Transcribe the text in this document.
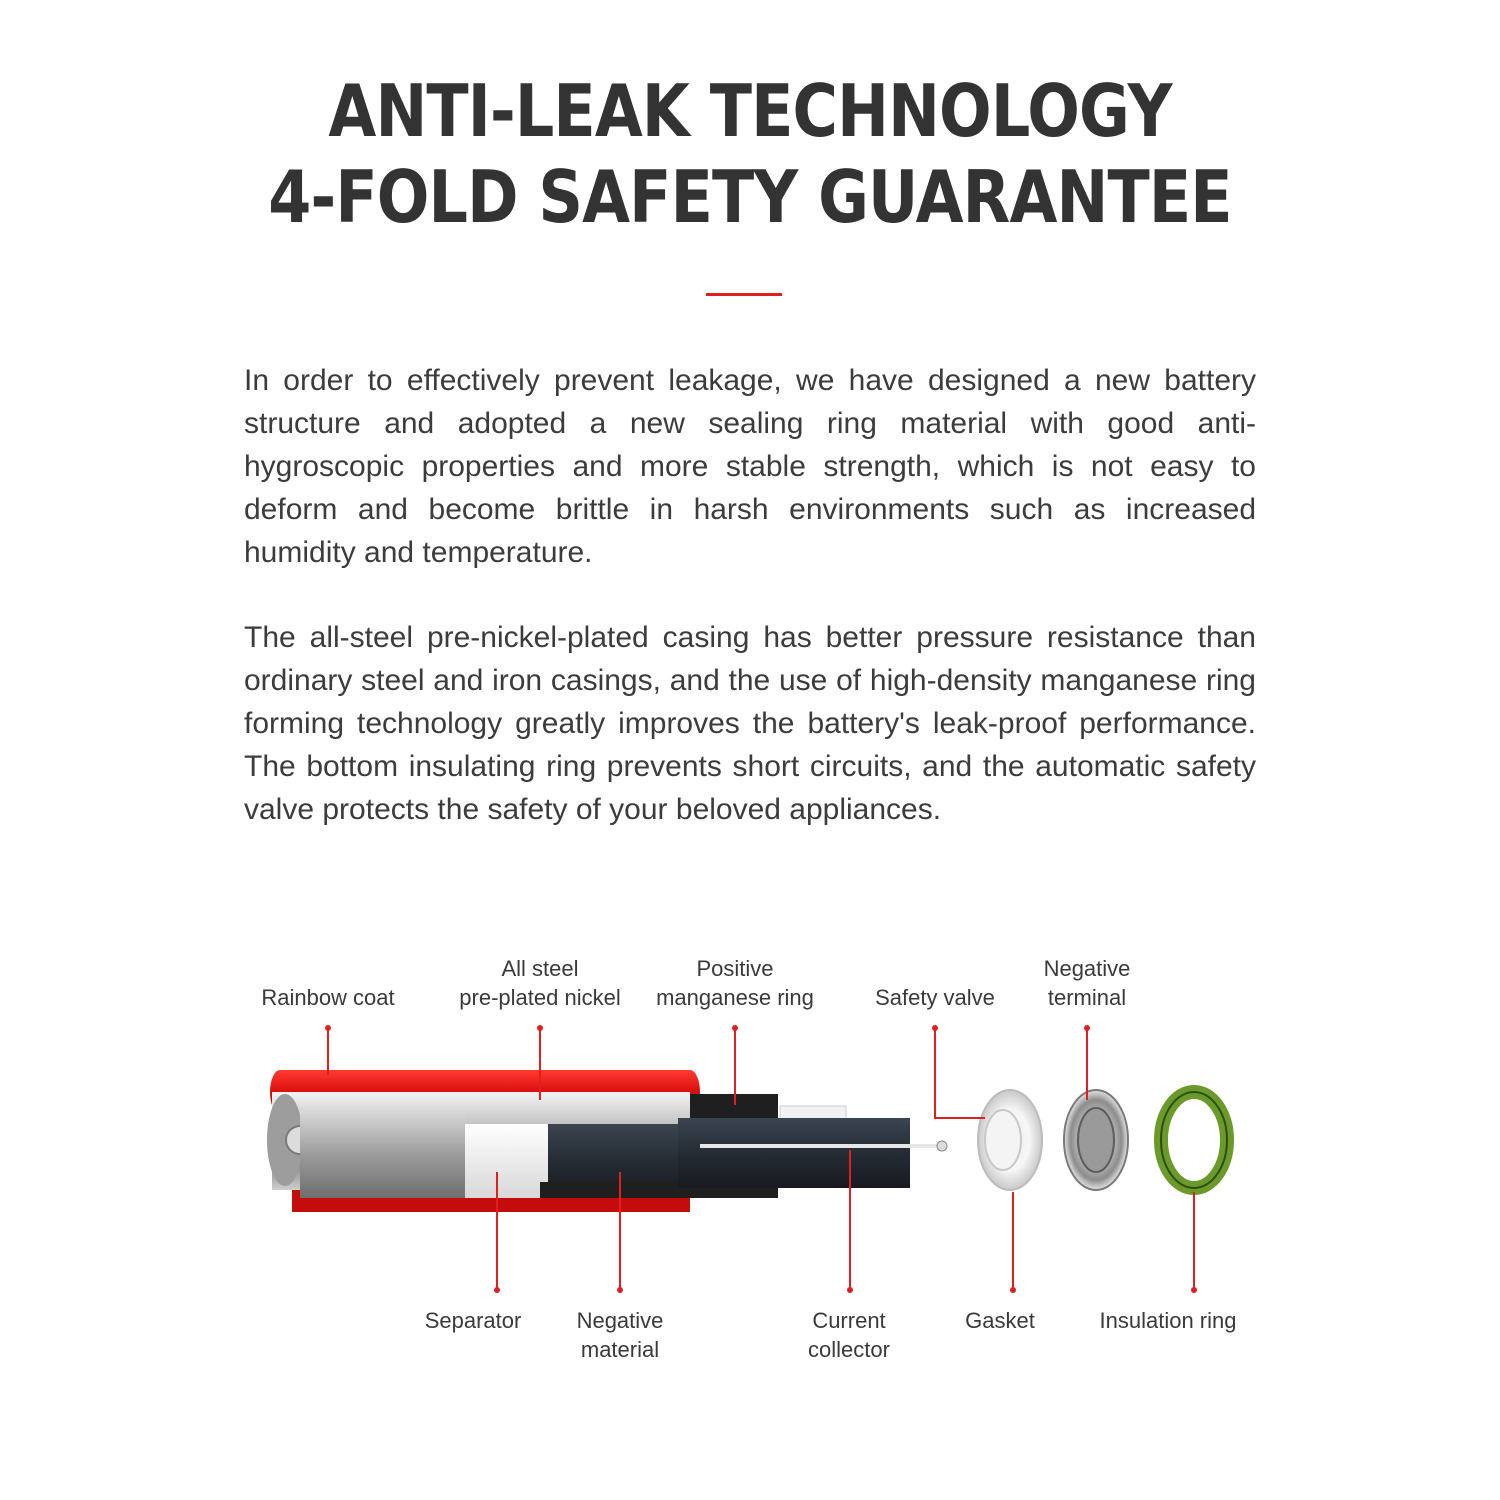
ANTI-LEAK TECHNOLOGY
4-FOLD SAFETY GUARANTEE

In order to effectively prevent leakage, we have designed a new battery structure and adopted a new sealing ring material with good anti-hygroscopic properties and more stable strength, which is not easy to deform and become brittle in harsh environments such as increased humidity and temperature.

The all-steel pre-nickel-plated casing has better pressure resistance than ordinary steel and iron casings, and the use of high-density manganese ring forming technology greatly improves the battery's leak-proof performance. The bottom insulating ring prevents short circuits, and the automatic safety valve protects the safety of your beloved appliances.

Rainbow coat
All steel
pre-plated nickel
Positive
manganese ring	Safety valve
Negative
terminal
Separator	Negative
material
Current
collector
Gasket	Insulation ring
